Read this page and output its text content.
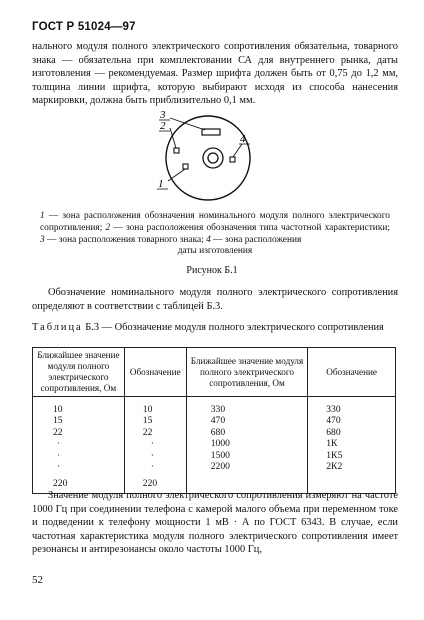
ГОСТ Р 51024—97
нального модуля полного электрического сопротивления обязательна, товарного знака — обязательна при комплектовании СА для внутреннего рынка, даты изготовления — рекомендуемая. Размер шрифта должен быть от 0,75 до 1,2 мм, толщина линии шрифта, которую выбирают исходя из способа нанесения маркировки, должна быть приблизительно 0,1 мм.
3
2
4
1
1 — зона расположения обозначения номинального модуля полного электрического сопротивления; 2 — зона расположения обозначения типа частотной характеристики; 3 — зона расположения товарного знака; 4 — зона расположения
даты изготовления
Рисунок Б.1
Обозначение номинального модуля полного электрического сопротивления определяют в соответствии с таблицей Б.3.
Таблица Б.3 — Обозначение модуля полного электрического сопротивления
Ближайшее значение модуля полного электрического сопротивления, Ом	Обозначение	Ближайшее значение модуля полного электрического сопротивления, Ом	Обозначение
10	10	330	330
15	15	470	470
22	22	680	680
·	·	1000	1К
·	·	1500	1К5
·	·	2200	2К2
220	220		
Значение модуля полного электрического сопротивления измеряют на частоте 1000 Гц при соединении телефона с камерой малого объема при переменном токе и подведении к телефону мощности 1 мВ · А по ГОСТ 6343. В случае, если частотная характеристика модуля полного электрического сопротивления имеет резонансы и антирезонансы около частоты 1000 Гц,
52
